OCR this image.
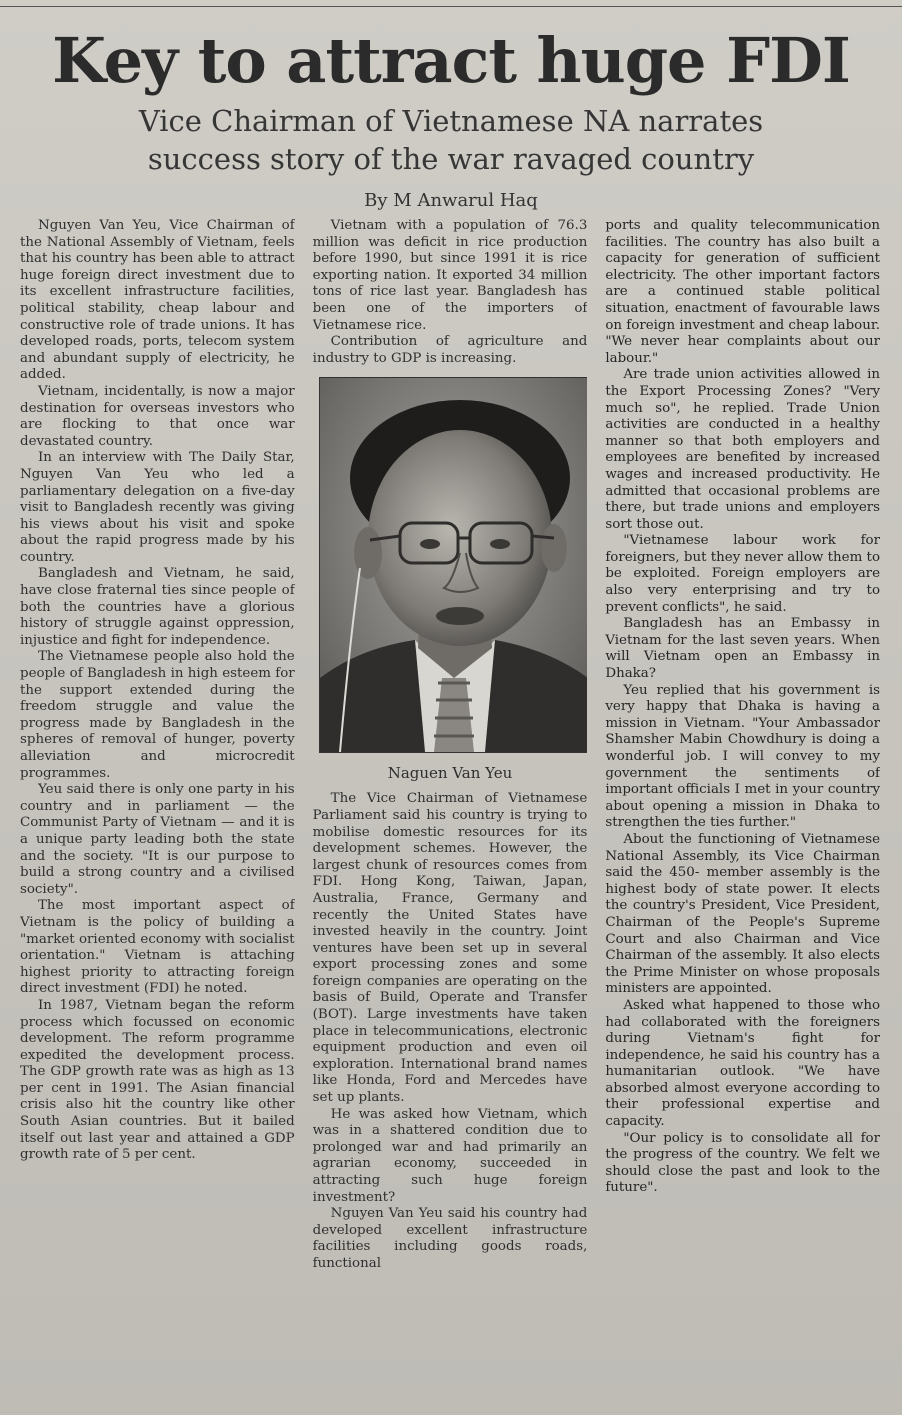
Key to attract huge FDI
Vice Chairman of Vietnamese NA narrates
success story of the war ravaged country
By M Anwarul Haq

Nguyen Van Yeu, Vice Chairman of the National Assembly of Vietnam, feels that his country has been able to attract huge foreign direct investment due to its excellent infrastructure facilities, political stability, cheap labour and constructive role of trade unions. It has developed roads, ports, telecom system and abundant supply of electricity, he added.

Vietnam, incidentally, is now a major destination for overseas investors who are flocking to that once war devastated country.

In an interview with The Daily Star, Nguyen Van Yeu who led a parliamentary delegation on a five-day visit to Bangladesh recently was giving his views about his visit and spoke about the rapid progress made by his country.

Bangladesh and Vietnam, he said, have close fraternal ties since people of both the countries have a glorious history of struggle against oppression, injustice and fight for independence.

The Vietnamese people also hold the people of Bangladesh in high esteem for the support extended during the freedom struggle and value the progress made by Bangladesh in the spheres of removal of hunger, poverty alleviation and microcredit programmes.

Yeu said there is only one party in his country and in parliament — the Communist Party of Vietnam — and it is a unique party leading both the state and the society. "It is our purpose to build a strong country and a civilised society".

The most important aspect of Vietnam is the policy of building a "market oriented economy with socialist orientation." Vietnam is attaching highest priority to attracting foreign direct investment (FDI) he noted.

In 1987, Vietnam began the reform process which focussed on economic development. The reform programme expedited the development process. The GDP growth rate was as high as 13 per cent in 1991. The Asian financial crisis also hit the country like other South Asian countries. But it bailed itself out last year and attained a GDP growth rate of 5 per cent.

Vietnam with a population of 76.3 million was deficit in rice production before 1990, but since 1991 it is rice exporting nation. It exported 34 million tons of rice last year. Bangladesh has been one of the importers of Vietnamese rice.

Contribution of agriculture and industry to GDP is increasing.

Naguen Van Yeu

The Vice Chairman of Vietnamese Parliament said his country is trying to mobilise domestic resources for its development schemes. However, the largest chunk of resources comes from FDI. Hong Kong, Taiwan, Japan, Australia, France, Germany and recently the United States have invested heavily in the country. Joint ventures have been set up in several export processing zones and some foreign companies are operating on the basis of Build, Operate and Transfer (BOT). Large investments have taken place in telecommunications, electronic equipment production and even oil exploration. International brand names like Honda, Ford and Mercedes have set up plants.

He was asked how Vietnam, which was in a shattered condition due to prolonged war and had primarily an agrarian economy, succeeded in attracting such huge foreign investment?

Nguyen Van Yeu said his country had developed excellent infrastructure facilities including goods roads, functional

ports and quality telecommunication facilities. The country has also built a capacity for generation of sufficient electricity. The other important factors are a continued stable political situation, enactment of favourable laws on foreign investment and cheap labour. "We never hear complaints about our labour."

Are trade union activities allowed in the Export Processing Zones? "Very much so", he replied. Trade Union activities are conducted in a healthy manner so that both employers and employees are benefited by increased wages and increased productivity. He admitted that occasional problems are there, but trade unions and employers sort those out.

"Vietnamese labour work for foreigners, but they never allow them to be exploited. Foreign employers are also very enterprising and try to prevent conflicts", he said.

Bangladesh has an Embassy in Vietnam for the last seven years. When will Vietnam open an Embassy in Dhaka?

Yeu replied that his government is very happy that Dhaka is having a mission in Vietnam. "Your Ambassador Shamsher Mabin Chowdhury is doing a wonderful job. I will convey to my government the sentiments of important officials I met in your country about opening a mission in Dhaka to strengthen the ties further."

About the functioning of Vietnamese National Assembly, its Vice Chairman said the 450- member assembly is the highest body of state power. It elects the country's President, Vice President, Chairman of the People's Supreme Court and also Chairman and Vice Chairman of the assembly. It also elects the Prime Minister on whose proposals ministers are appointed.

Asked what happened to those who had collaborated with the foreigners during Vietnam's fight for independence, he said his country has a humanitarian outlook. "We have absorbed almost everyone according to their professional expertise and capacity.

"Our policy is to consolidate all for the progress of the country. We felt we should close the past and look to the future".
